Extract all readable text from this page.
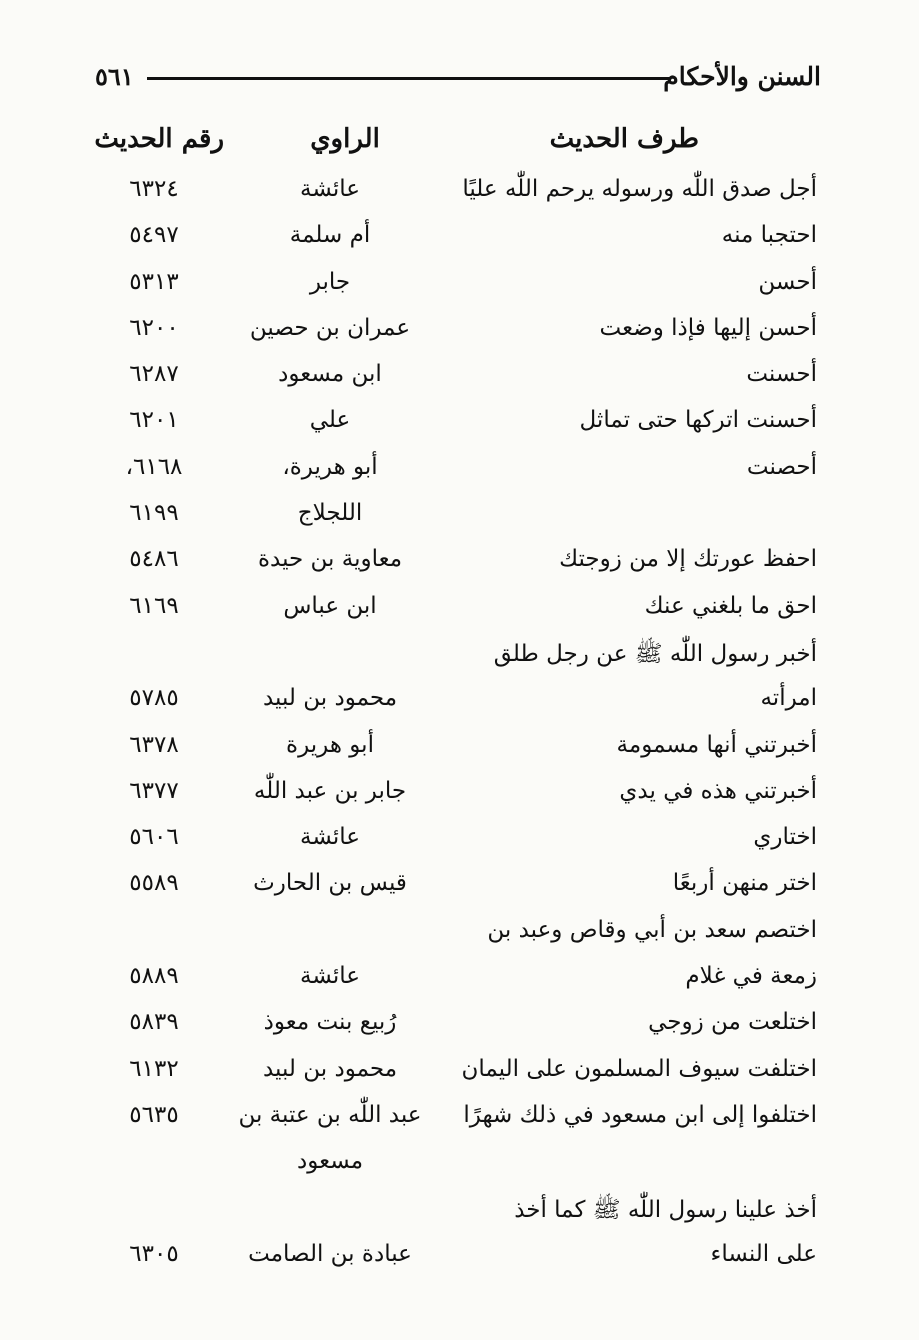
السنن والأحكام
٥٦١
طرف الحديث
الراوي
رقم الحديث
أجل صدق اللّٰه ورسوله يرحم اللّٰه عليًا
عائشة
٦٣٢٤
احتجبا منه
أم سلمة
٥٤٩٧
أحسن
جابر
٥٣١٣
أحسن إليها فإذا وضعت
عمران بن حصين
٦٢٠٠
أحسنت
ابن مسعود
٦٢٨٧
أحسنت اتركها حتى تماثل
علي
٦٢٠١
أحصنت
أبو هريرة،
٦١٦٨،
اللجلاج
٦١٩٩
احفظ عورتك إلا من زوجتك
معاوية بن حيدة
٥٤٨٦
احق ما بلغني عنك
ابن عباس
٦١٦٩
أخبر رسول اللّٰه ﷺ عن رجل طلق
امرأته
محمود بن لبيد
٥٧٨٥
أخبرتني أنها مسمومة
أبو هريرة
٦٣٧٨
أخبرتني هذه في يدي
جابر بن عبد اللّٰه
٦٣٧٧
اختاري
عائشة
٥٦٠٦
اختر منهن أربعًا
قيس بن الحارث
٥٥٨٩
اختصم سعد بن أبي وقاص وعبد بن
زمعة في غلام
عائشة
٥٨٨٩
اختلعت من زوجي
رُبيع بنت معوذ
٥٨٣٩
اختلفت سيوف المسلمون على اليمان
محمود بن لبيد
٦١٣٢
اختلفوا إلى ابن مسعود في ذلك شهرًا
عبد اللّٰه بن عتبة بن
٥٦٣٥
مسعود
أخذ علينا رسول اللّٰه ﷺ كما أخذ
على النساء
عبادة بن الصامت
٦٣٠٥
